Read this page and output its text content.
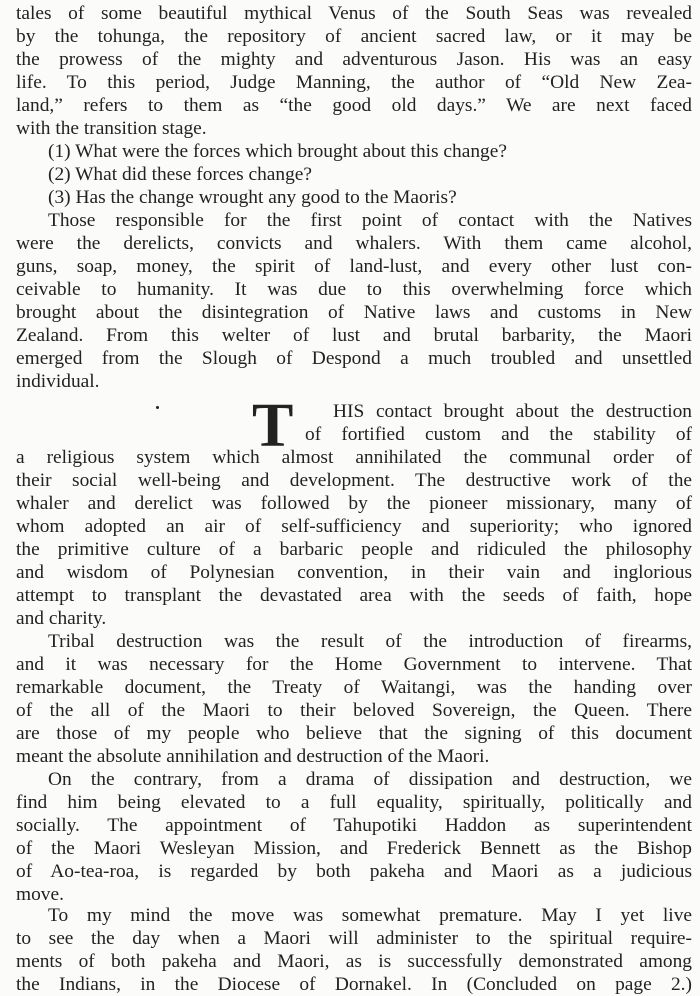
tales of some beautiful mythical Venus of the South Seas was revealed
by the tohunga, the repository of ancient sacred law, or it may be
the prowess of the mighty and adventurous Jason. His was an easy
life. To this period, Judge Manning, the author of “Old New Zea-
land,” refers to them as “the good old days.” We are next faced
with the transition stage.
(1) What were the forces which brought about this change?
(2) What did these forces change?
(3) Has the change wrought any good to the Maoris?
Those responsible for the first point of contact with the Natives
were the derelicts, convicts and whalers. With them came alcohol,
guns, soap, money, the spirit of land-lust, and every other lust con-
ceivable to humanity. It was due to this overwhelming force which
brought about the disintegration of Native laws and customs in New
Zealand. From this welter of lust and brutal barbarity, the Maori
emerged from the Slough of Despond a much troubled and unsettled
individual.
T	HIS contact brought about the destruction
of fortified custom and the stability of
a religious system which almost annihilated the communal order of
their social well-being and development. The destructive work of the
whaler and derelict was followed by the pioneer missionary, many of
whom adopted an air of self-sufficiency and superiority; who ignored
the primitive culture of a barbaric people and ridiculed the philosophy
and wisdom of Polynesian convention, in their vain and inglorious
attempt to transplant the devastated area with the seeds of faith, hope
and charity.
Tribal destruction was the result of the introduction of firearms,
and it was necessary for the Home Government to intervene. That
remarkable document, the Treaty of Waitangi, was the handing over
of the all of the Maori to their beloved Sovereign, the Queen. There
are those of my people who believe that the signing of this document
meant the absolute annihilation and destruction of the Maori.
On the contrary, from a drama of dissipation and destruction, we
find him being elevated to a full equality, spiritually, politically and
socially. The appointment of Tahupotiki Haddon as superintendent
of the Maori Wesleyan Mission, and Frederick Bennett as the Bishop
of Ao-tea-roa, is regarded by both pakeha and Maori as a judicious
move.
To my mind the move was somewhat premature. May I yet live
to see the day when a Maori will administer to the spiritual require-
ments of both pakeha and Maori, as is successfully demonstrated among
the Indians, in the Diocese of Dornakel. In (Concluded on page 2.)
